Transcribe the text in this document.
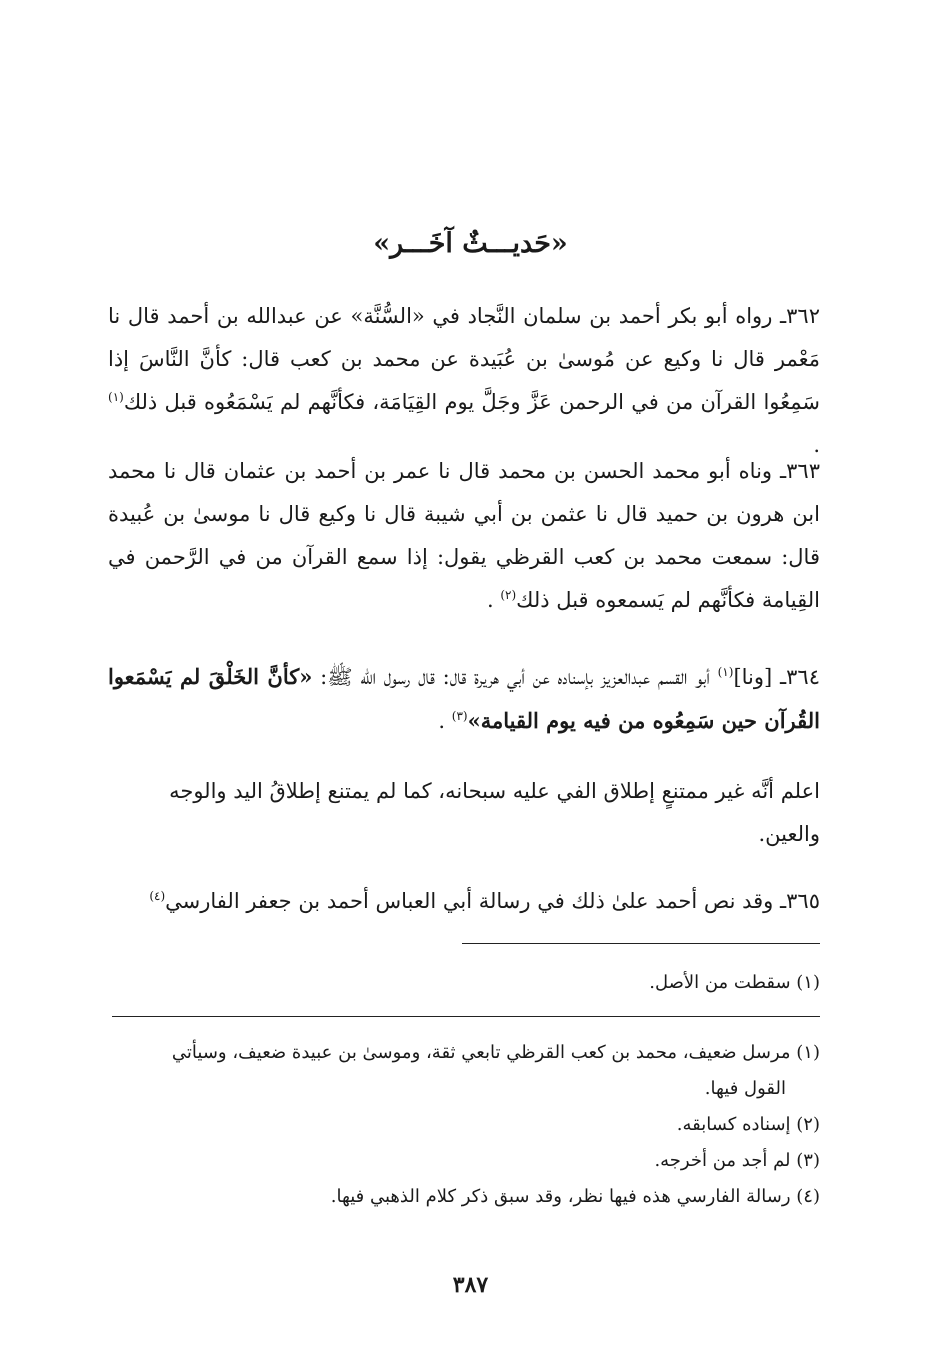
«حَديـــثٌ آخَـــر»
٣٦٢ـ رواه أبو بكر أحمد بن سلمان النَّجاد في «السُّنَّة» عن عبدالله بن أحمد قال نا مَعْمر قال نا وكيع عن مُوسىٰ بن عُبَيدة عن محمد بن كعب قال: كأنَّ النَّاسَ إذا سَمِعُوا القرآن من في الرحمن عَزَّ وجَلَّ يوم القِيَامَة، فكأنَّهم لم يَسْمَعُوه قبل ذلك$^{(١)}$ .
٣٦٣ـ وناه أبو محمد الحسن بن محمد قال نا عمر بن أحمد بن عثمان قال نا محمد ابن هرون بن حميد قال نا عثمن بن أبي شيبة قال نا وكيع قال نا موسىٰ بن عُبيدة قال: سمعت محمد بن كعب القرظي يقول: إذا سمع القرآن من في الرَّحمن في القِيامة فكأنَّهم لم يَسمعوه قبل ذلك$^{(٢)}$ .
٣٦٤ـ [ونا]$^{(١)}$ أبو القسم عبدالعزيز بإسناده عن أبي هريرة قال: قال رسول الله ﷺ: «كأنَّ الخَلْقَ لم يَسْمَعوا القُرآن حين سَمِعُوه من فيه يوم القيامة»$^{(٣)}$ .
اعلم أنَّه غير ممتنعٍ إطلاق الفي عليه سبحانه، كما لم يمتنع إطلاقُ اليد والوجه
والعين.
٣٦٥ـ وقد نص أحمد علىٰ ذلك في رسالة أبي العباس أحمد بن جعفر الفارسي$^{(٤)}$
(١) سقطت من الأصل.
(١) مرسل ضعيف، محمد بن كعب القرظي تابعي ثقة، وموسىٰ بن عبيدة ضعيف، وسيأتي
القول فيها.
(٢) إسناده كسابقه.
(٣) لم أجد من أخرجه.
(٤) رسالة الفارسي هذه فيها نظر، وقد سبق ذكر كلام الذهبي فيها.
٣٨٧
